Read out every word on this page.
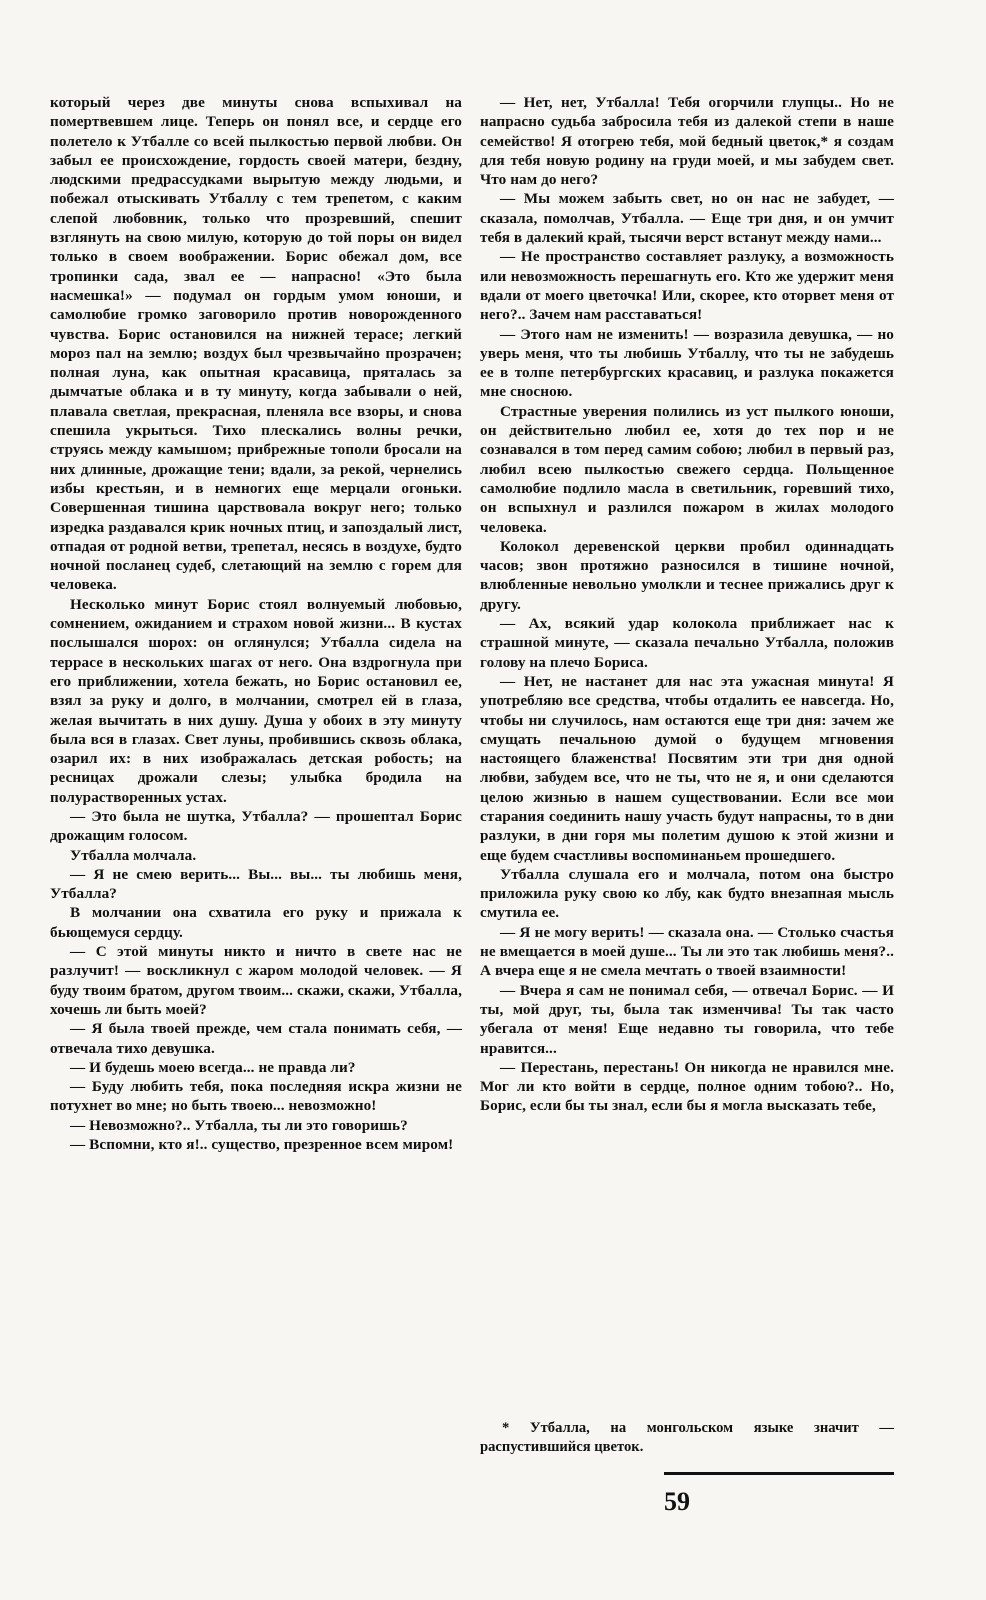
который через две минуты снова вспыхивал на помертвевшем лице. Теперь он понял все, и сердце его полетело к Утбалле со всей пылкостью первой любви. Он забыл ее происхождение, гордость своей матери, бездну, людскими предрассудками вырытую между людьми, и побежал отыскивать Утбаллу с тем трепетом, с каким слепой любовник, только что прозревший, спешит взглянуть на свою милую, которую до той поры он видел только в своем воображении. Борис обежал дом, все тропинки сада, звал ее — напрасно! «Это была насмешка!» — подумал он гордым умом юноши, и самолюбие громко заговорило против новорожденного чувства. Борис остановился на нижней терасе; легкий мороз пал на землю; воздух был чрезвычайно прозрачен; полная луна, как опытная красавица, пряталась за дымчатые облака и в ту минуту, когда забывали о ней, плавала светлая, прекрасная, пленяла все взоры, и снова спешила укрыться. Тихо плескались волны речки, струясь между камышом; прибрежные тополи бросали на них длинные, дрожащие тени; вдали, за рекой, чернелись избы крестьян, и в немногих еще мерцали огоньки. Совершенная тишина царствовала вокруг него; только изредка раздавался крик ночных птиц, и запоздалый лист, отпадая от родной ветви, трепетал, несясь в воздухе, будто ночной посланец судеб, слетающий на землю с горем для человека.

Несколько минут Борис стоял волнуемый любовью, сомнением, ожиданием и страхом новой жизни... В кустах послышался шорох: он оглянулся; Утбалла сидела на террасе в нескольких шагах от него. Она вздрогнула при его приближении, хотела бежать, но Борис остановил ее, взял за руку и долго, в молчании, смотрел ей в глаза, желая вычитать в них душу. Душа у обоих в эту минуту была вся в глазах. Свет луны, пробившись сквозь облака, озарил их: в них изображалась детская робость; на ресницах дрожали слезы; улыбка бродила на полурастворенных устах.

— Это была не шутка, Утбалла? — прошептал Борис дрожащим голосом.

Утбалла молчала.

— Я не смею верить... Вы... вы... ты любишь меня, Утбалла?

В молчании она схватила его руку и прижала к бьющемуся сердцу.

— С этой минуты никто и ничто в свете нас не разлучит! — воскликнул с жаром молодой человек. — Я буду твоим братом, другом твоим... скажи, скажи, Утбалла, хочешь ли быть моей?

— Я была твоей прежде, чем стала понимать себя, — отвечала тихо девушка.

— И будешь моею всегда... не правда ли?

— Буду любить тебя, пока последняя искра жизни не потухнет во мне; но быть твоею... невозможно!

— Невозможно?.. Утбалла, ты ли это говоришь?

— Вспомни, кто я!.. существо, презренное всем миром!

— Нет, нет, Утбалла! Тебя огорчили глупцы.. Но не напрасно судьба забросила тебя из далекой степи в наше семейство! Я отогрею тебя, мой бедный цветок,* я создам для тебя новую родину на груди моей, и мы забудем свет. Что нам до него?

— Мы можем забыть свет, но он нас не забудет, — сказала, помолчав, Утбалла. — Еще три дня, и он умчит тебя в далекий край, тысячи верст встанут между нами...

— Не пространство составляет разлуку, а возможность или невозможность перешагнуть его. Кто же удержит меня вдали от моего цветочка! Или, скорее, кто оторвет меня от него?.. Зачем нам расставаться!

— Этого нам не изменить! — возразила девушка, — но уверь меня, что ты любишь Утбаллу, что ты не забудешь ее в толпе петербургских красавиц, и разлука покажется мне сносною.

Страстные уверения полились из уст пылкого юноши, он действительно любил ее, хотя до тех пор и не сознавался в том перед самим собою; любил в первый раз, любил всею пылкостью свежего сердца. Польщенное самолюбие подлило масла в светильник, горевший тихо, он вспыхнул и разлился пожаром в жилах молодого человека.

Колокол деревенской церкви пробил одиннадцать часов; звон протяжно разносился в тишине ночной, влюбленные невольно умолкли и теснее прижались друг к другу.

— Ах, всякий удар колокола приближает нас к страшной минуте, — сказала печально Утбалла, положив голову на плечо Бориса.

— Нет, не настанет для нас эта ужасная минута! Я употребляю все средства, чтобы отдалить ее навсегда. Но, чтобы ни случилось, нам остаются еще три дня: зачем же смущать печальною думой о будущем мгновения настоящего блаженства! Посвятим эти три дня одной любви, забудем все, что не ты, что не я, и они сделаются целою жизнью в нашем существовании. Если все мои старания соединить нашу участь будут напрасны, то в дни разлуки, в дни горя мы полетим душою к этой жизни и еще будем счастливы воспоминаньем прошедшего.

Утбалла слушала его и молчала, потом она быстро приложила руку свою ко лбу, как будто внезапная мысль смутила ее.

— Я не могу верить! — сказала она. — Столько счастья не вмещается в моей душе... Ты ли это так любишь меня?.. А вчера еще я не смела мечтать о твоей взаимности!

— Вчера я сам не понимал себя, — отвечал Борис. — И ты, мой друг, ты, была так изменчива! Ты так часто убегала от меня! Еще недавно ты говорила, что тебе нравится...

— Перестань, перестань! Он никогда не нравился мне. Мог ли кто войти в сердце, полное одним тобою?.. Но, Борис, если бы ты знал, если бы я могла высказать тебе,

* Утбалла, на монгольском языке значит — распустившийся цветок.
59
